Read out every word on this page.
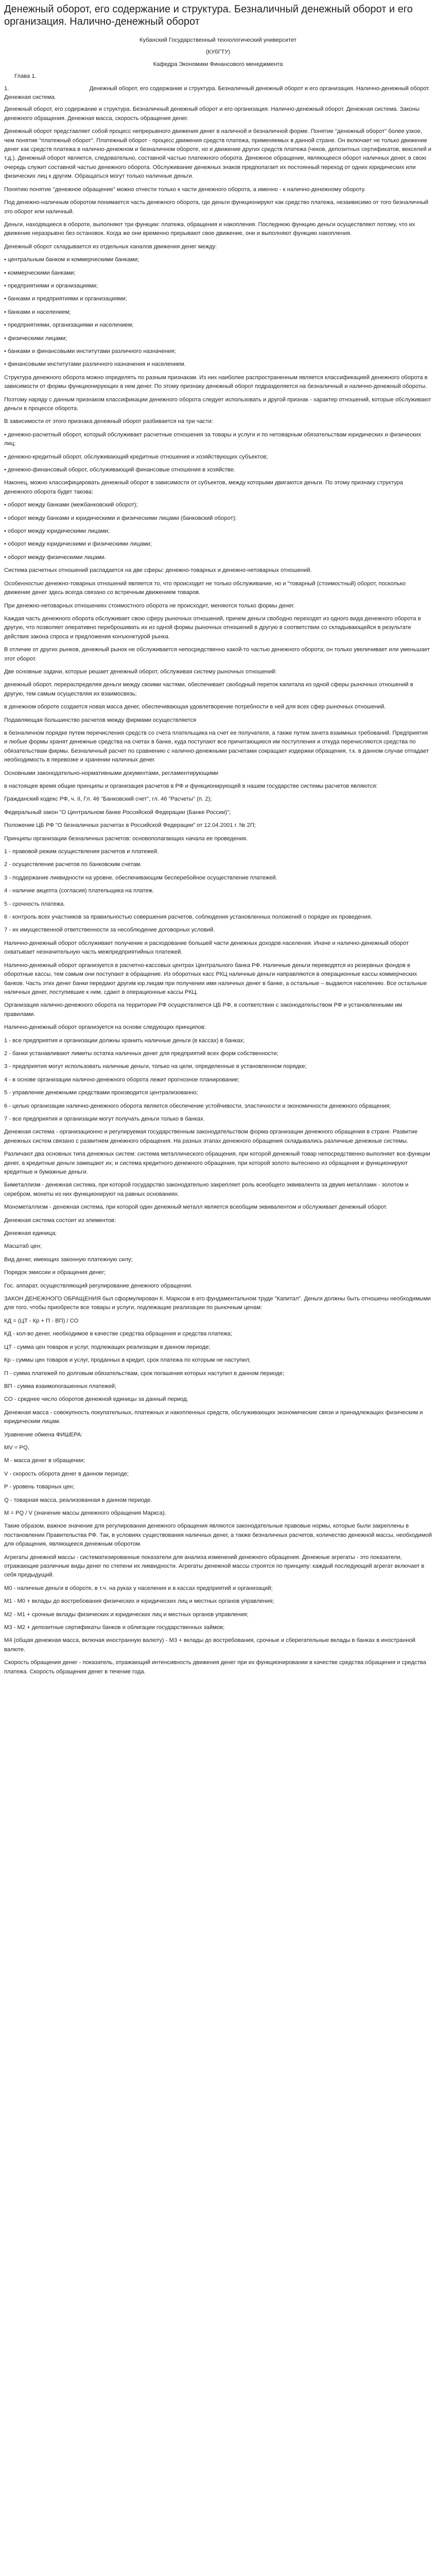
Денежный оборот, его содержание и структура. Безналичный денежный оборот и его организация. Налично-денежный оборот

Кубанский Государственный технологический университет

(КУбГТУ)

Кафедра Экономики Финансового менеджмента

Глава 1.

1.	Денежный оборот, его содержание и структура. Безналичный денежный оборот и его организация. Налично-денежный оборот. Денежная система.

Денежный оборот, его содержание и структура. Безналичный денежный оборот и его организация. Налично-денежный оборот. Денежная система. Законы денежного обращения. Денежная масса, скорость обращения денег.

Денежный оборот представляет собой процесс непрерывного движения денег в наличной и безналичной форме. Понятие "денежный оборот" более узкое, чем понятие "платежный оборот". Платежный оборот - процесс движения средств платежа, применяемых в данной стране. Он включает не только движение денег как средств платежа в налично-денежном и безналичном обороте, но и движение других средств платежа (чеков, депозитных сертификатов, векселей и т.д.). Денежный оборот является, следовательно, составной частью платежного оборота. Денежное обращение, являющееся оборот наличных денег, в свою очередь служит составной частью денежного оборота. Обслуживание денежных знаков предполагает их постоянный переход от одних юридических или физических лиц к другим. Обращаться могут только наличные деньги.

Понятию понятие "денежное обращение" можно отнести только к части денежного оборота, а именно - к налично-денежному обороту.

Под денежно-наличным оборотом понимается часть денежного оборота, где деньги функционируют как средство платежа, незаивисимо от того безналичный это оборот или наличный.

Деньги, находящиеся в обороте, выполняют три функции: платежа, обращения и накопления. Последнюю функцию деньги осуществляют потому, что их движение неразрывно без остановок. Когда же они временно прерывают свое движение, они и выполняют функцию накопления.

Денежный оборот складывается из отдельных каналов движения денег между:

• центральным банком и коммерческими банками;

• коммерческими банками;

• предприятиями и организациями;

• банками и предприятиями и организациями;

• банками и населением;

• предприятиями, организациями и населением;

• физическими лицами;

• банками и финансовыми институтами различного назначения;

• финансовыми институтами различного назначения и населением.

Структура денежного оборота можно определять по разным признакам. Из них наиболее распространенным является классификацией денежного оборота в зависимости от формы функционирующих в нем денег. По этому признаку денежный оборот подразделяется на безналичный и налично-денежный обороты.

Поэтому наряду с данным признаком классификации денежного оборота следует использовать и другой признак - характер отношений, которые обслуживают деньги в процессе оборота.

В зависимости от этого признака денежный оборот разбивается на три части:

• денежно-расчетный оборот, который обслуживает расчетные отношения за товары и услуги и по нетоварным обязательствам юридических и физических лиц;

• денежно-кредитный оборот, обслуживающий кредитные отношения и хозяйствующих субъектов;

• денежно-финансовый оборот, обслуживающий финансовые отношения в хозяйстве.

Наконец, можно классифицировать денежный оборот в зависимости от субъектов, между которыми двигаются деньги. По этому признаку структура денежного оборота будет такова:

• оборот между банками (межбанковский оборот);

• оборот между банками и юридическими и физическими лицами (банковский оборот);

• оборот между юридическими лицами;

• оборот между юридическими и физическими лицами;

• оборот между физическими лицами.

Система расчетных отношений распадается на две сферы: денежно-товарных и денежно-нетоварных отношений.

Особенностью денежно-товарных отношений является то, что происходит не только обслуживание, но и "товарный (стоимостный) оборот, посколько движение денег здесь всегда связано со встречным движением товаров.

При денежно-нетоварных отношениях стоимостного оборота не происходит, меняются только формы денег.

Каждая часть денежного оборота обслуживает свою сферу рыночных отношений, причем деньги свободно переходят из одного вида денежного оборота в другую, что позволяет оперативно переброшивать их из одной формы рыночных отношений в другую в соответствии со складывающейся в результате действия закона спроса и предложения конъюнктурой рынка.

В отличие от других рынков, денежный рынок не обслуживается непосредственно какой-то частью денежного оборота; он только увеличивает или уменьшает этот оборот.

Две основные задачи, которые решает денежный оборот, обслуживая систему рыночных отношений:

денежный оборот, перераспределяя деньги между своими частями, обеспечивает свободный переток капитала из одной сферы рыночных отношений в другую, тем самым осуществляя их взаимосвязь;

в денежном обороте создается новая масса денег, обеспечивающая удовлетворение потребности в ней для всех сфер рыночных отношений.

Подавляющая большинство расчетов между фирмами осуществляется

в безналичном порядке путем перечисления средств со счета плательщика на счет ее получателя, а также путем зачета взаимных требований. Предприятия и любые формы хранят денежные средства на счетах в банке, куда поступают все причитающиеся им поступления и откуда перечисляются средства по обязательствам фирмы. Безналичный расчет по сравнению с налично-денежными расчетами сокращает издержки обращения, т.к. в данном случае отпадает необходимость в перевозке и хранении наличных денег.

Основными законодательно-нормативными документами, регламентирующими

в настоящее время общие принципы и организация расчетов в РФ и функционирующей в нашем государстве системы расчетов являются:

Гражданский кодекс РФ, ч. II, Гл. 46 "Банковский счет", гл. 46 "Расчеты" (п. 2);

Федеральный закон "О Центральном банке Российской Федерации (Банке России)";

Положение ЦБ РФ "О безналичных расчетах в Российской Федерации" от 12.04.2001 г. № 2П;

Принципы организации безналичных расчетов: основополагающих начала ее проведения.

1 - правовой режим осуществления расчетов и платежей.

2 - осуществление расчетов по банковским счетам.

3 - поддержание ликвидности на уровне, обеспечивающим бесперебойное осуществление платежей.

4 - наличие акцепта (согласия) плательщика на платеж.

5 - срочность платежа.

6 - контроль всех участников за правильностью совершения расчетов, соблюдения установленных положений о порядке их проведения.

7 - их имущественной ответственности за несоблюдение договорных условий.

Налично-денежный оборот обслуживает получение и расходование большей части денежных доходов населения. Иначе и налично-денежный оборот охватывает незначительную часть межпредприятийных платежей.

Налично-денежный оборот организуется в расчетно-кассовых центрах Центрального банка РФ. Наличные деньги переводятся из резервных фондов в оборотные кассы, тем самым они поступают в обращение. Из оборотных касс РКЦ наличные деньги направляются в операционные кассы коммерческих банков. Часть этих денег банки передают другим юр.лицам при получении ими наличных денег в банке, а остальные – выдаются населению. Все остальные наличных денег, поступившие к ним, сдают в операционные кассы РКЦ.

Организация налично-денежного оборота на территории РФ осуществляется ЦБ РФ, в соответствии с законодательством РФ и установленными им правилами.

Налично-денежный оборот организуется на основе следующих принципов:

1 - все предприятия и организации должны хранить наличные деньги (в кассах) в банках;

2 - банки устанавливают лимиты остатка наличных денег для предприятий всех форм собственности;

3 - предприятия могут использовать наличные деньги, только на цели, определенные в установленном порядке;

4 - в основе организации налично-денежного оборота лежит прогнозное планирование;

5 - управление денежными средствами производится централизованно;

6 - целью организации налично-денежного оборота является обеспечение устойчивости, эластичности и экономичности денежного обращения;

7 - все предприятия и организации могут получать деньги только в банках.

Денежная система - организационно и регулируемая государственным законодательством форма организации денежного обращения в стране. Развитие денежных систем связано с развитием денежного обращения. На разных этапах денежного обращения складывались различные денежные системы.

Различают два основных типа денежных систем: система металлического обращения, при которой денежный товар непосредственно выполняет все функции денег, а кредитные деньги замещают их; и система кредитного денежного обращения, при которой золото вытеснено из обращения и функционируют кредитные и бумажные деньги.

Биметаллизм - денежная система, при которой государство законодательно закрепляет роль всеобщего эквивалента за двумя металлами - золотом и серебром, монеты из них функционируют на равных основаниях.

Монометаллизм - денежная система, при которой один денежный металл является всеобщим эквивалентом и обслуживает денежный оборот.

Денежная система состоит из элементов:

Денежная единица;

Масштаб цен;

Вид денег, имеющих законную платежную силу;

Порядок эмиссии и обращения денег;

Гос. аппарат, осуществляющий регулирование денежного обращения.

ЗАКОН ДЕНЕЖНОГО ОБРАЩЕНИЯ был сформулирован К. Марксом в его фундаментальном труде "Капитал". Деньги должны быть отношены необходимыми для того, чтобы приобрести все товары и услуги, подлежащие реализации по рыночным ценам:

КД = (ЦТ - Кр + П - ВП) / СО

КД - кол-во денег, необходимое в качестве средства обращения и средства платежа;

ЦТ - сумма цен товаров и услуг, подлежащих реализации в данном периоде;

Кр - суммы цен товаров и услуг, проданных в кредит, срок платежа по которым не наступил;

П - сумма платежей по долговым обязательствам, срок погашения которых наступил в данном периоде;

ВП - сумма взаимопогашенных платежей;

СО - среднее число оборотов денежной единицы за данный период.

Денежная масса - совокупность покупательных, платежных и накопленных средств, обслуживающих экономические связи и принадлежащих физическим и юридическим лицам.

Уравнение обмена ФИШЕРА:

MV = PQ,

M - масса денег в обращении;

V - скорость оборота денег в данном периоде;

P - уровень товарных цен;

Q - товарная масса, реализованная в данном периоде.

M = PQ / V (значение массы денежного обращения Маркса).

Такие образом, важное значение для регулирования денежного обращения являются законодательные правовые нормы, которые были закреплены в постановлении Правительства РФ. Так, в условиях существования наличных денег, а также безналичных расчетов, количество денежной массы, необходимой для обращения, являющееся денежным оборотом.

Агрегаты денежной массы - систематизированные показатели для анализа изменений денежного обращения. Денежные агрегаты - это показатели, отражающие различные виды денег по степени их ликвидности. Агрегаты денежной массы строятся по принципу: каждый последующий агрегат включает в себя предыдущий.

М0 - наличные деньги в обороте, в т.ч. на руках у населения и в кассах предприятий и организаций;

М1 - М0 + вклады до востребования физических и юридических лиц и местных органов управления;

М2 - М1 + срочные вклады физических и юридических лиц и местных органов управления;

М3 - М2 + депозитные сертификаты банков и облигации государственных займов;

М4 (общая денежная масса, включая иностранную валюту) - М3 + вклады до востребования, срочные и сберегательные вклады в банках в иностранной валюте.

Скорость обращения денег - показатель, отражающий интенсивность движения денег при их функционировании в качестве средства обращения и средства платежа. Скорость обращения денег в течение года.
